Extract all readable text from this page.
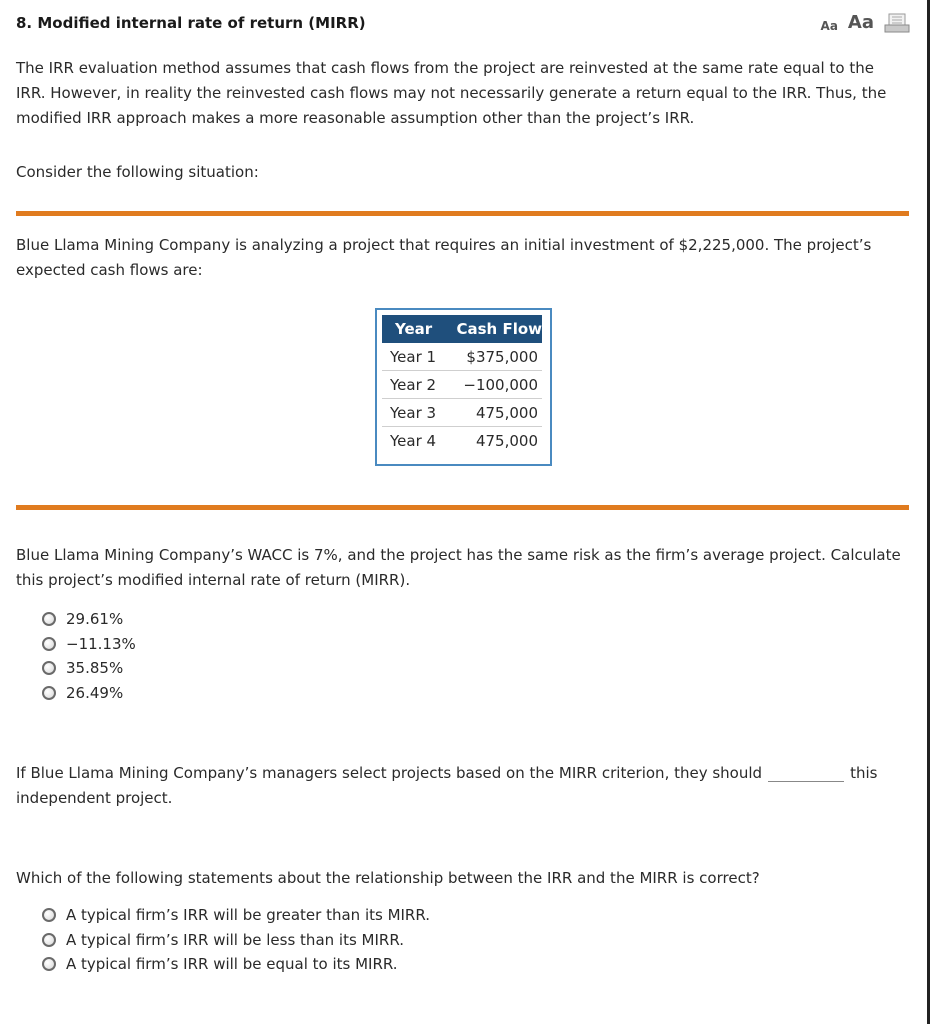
8. Modified internal rate of return (MIRR)	Aa Aa
The IRR evaluation method assumes that cash flows from the project are reinvested at the same rate equal to the IRR. However, in reality the reinvested cash flows may not necessarily generate a return equal to the IRR. Thus, the modified IRR approach makes a more reasonable assumption other than the project’s IRR.
Consider the following situation:
Blue Llama Mining Company is analyzing a project that requires an initial investment of $2,225,000. The project’s expected cash flows are:
Year	Cash Flow
Year 1	$375,000
Year 2	−100,000
Year 3	475,000
Year 4	475,000
Blue Llama Mining Company’s WACC is 7%, and the project has the same risk as the firm’s average project. Calculate this project’s modified internal rate of return (MIRR).
29.61%
−11.13%
35.85%
26.49%
If Blue Llama Mining Company’s managers select projects based on the MIRR criterion, they should	this independent project.
Which of the following statements about the relationship between the IRR and the MIRR is correct?
A typical firm’s IRR will be greater than its MIRR.
A typical firm’s IRR will be less than its MIRR.
A typical firm’s IRR will be equal to its MIRR.
